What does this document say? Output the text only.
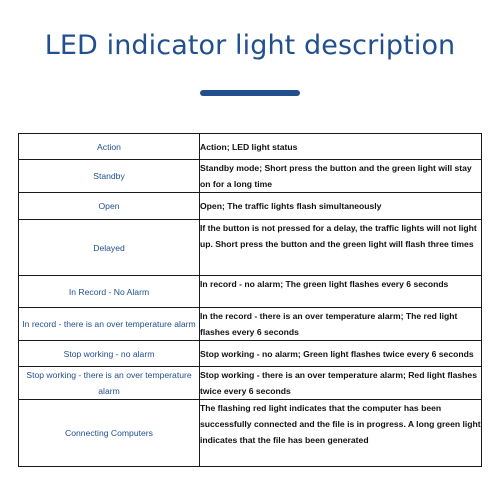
LED indicator light description
Action	Action; LED light status
Standby	Standby mode; Short press the button and the green light will stay on for a long time
Open	Open; The traffic lights flash simultaneously
Delayed	If the button is not pressed for a delay, the traffic lights will not light up. Short press the button and the green light will flash three times
In Record - No Alarm	In record - no alarm; The green light flashes every 6 seconds
In record - there is an over temperature alarm	In the record - there is an over temperature alarm; The red light flashes every 6 seconds
Stop working - no alarm	Stop working - no alarm; Green light flashes twice every 6 seconds
Stop working - there is an over temperature alarm	Stop working - there is an over temperature alarm; Red light flashes twice every 6 seconds
Connecting Computers	The flashing red light indicates that the computer has been successfully connected and the file is in progress. A long green light indicates that the file has been generated
